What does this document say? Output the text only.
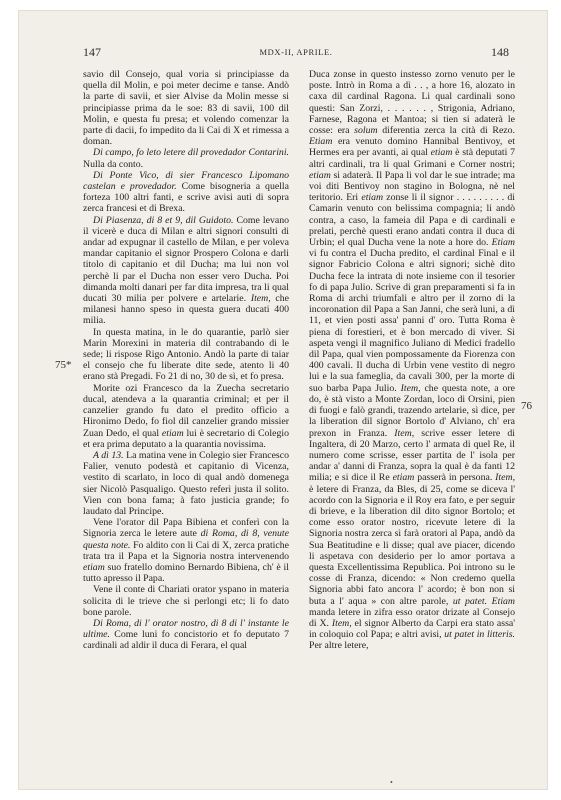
147	MDX-II, APRILE.	148

savio dil Consejo, qual voria si principiasse da quella dil Molin, e poi meter decime e tanse. Andò la parte di savii, et sier Alvise da Molin messe si principiasse prima da le soe: 83 di savii, 100 dil Molin, e questa fu presa; et volendo comenzar la parte di dacii, fo impedito da li Cai di X et rimessa a doman.

Di campo, fo leto letere dil provedador Contarini. Nulla da conto.

Di Ponte Vico, di sier Francesco Lipomano castelan e provedador. Come bisogneria a quella forteza 100 altri fanti, e scrive avisi auti di sopra zerca francesi et di Brexa.

Di Piasenza, di 8 et 9, dil Guidoto. Come levano il vicerè e duca di Milan e altri signori consulti di andar ad expugnar il castello de Milan, e per voleva mandar capitanio el signor Prospero Colona e darli titolo di capitanio et dil Ducha; ma lui non vol perchè li par el Ducha non esser vero Ducha. Poi dimanda molti danari per far dita impresa, tra li qual ducati 30 milia per polvere e artelarie. Item, che milanesi hanno speso in questa guera ducati 400 milia.

In questa matina, in le do quarantie, parlò sier Marin Morexini in materia dil contrabando di le sede; li rispose Rigo Antonio. Andò la parte di taiar el consejo che fu liberate dite sede, atento li 40 erano stà Pregadi. Fo 21 di no, 30 de sì, et fo presa.

Morite ozi Francesco da la Zuecha secretario ducal, atendeva a la quarantia criminal; et per il canzelier grando fu dato el predito officio a Hironimo Dedo, fo fiol dil canzelier grando missier Zuan Dedo, el qual etiam lui è secretario di Colegio et era prima deputato a la quarantia novissima.

A dì 13. La matina vene in Colegio sier Francesco Falier, venuto podestà et capitanio di Vicenza, vestito di scarlato, in loco di qual andò domenega sier Nicolò Pasqualigo. Questo referì justa il solito. Vien con bona fama; à fato justicia grande; fo laudato dal Principe.

Vene l'orator dil Papa Bibiena et conferì con la Signoria zerca le letere aute di Roma, di 8, venute questa note. Fo aldito con li Cai di X, zerca pratiche trata tra il Papa et la Signoria nostra intervenendo etiam suo fratello domino Bernardo Bibiena, ch' è il tutto apresso il Papa.

Vene il conte di Chariati orator yspano in materia solicita di le trieve che si perlongi etc; li fo dato bone parole.

Di Roma, di l' orator nostro, di 8 di l' instante le ultime. Come luni fo concistorio et fo deputato 7 cardinali ad aldir il duca di Ferara, el qual

Duca zonse in questo instesso zorno venuto per le poste. Intrò in Roma a dì . . , a hore 16, alozato in caxa dil cardinal Ragona. Li qual cardinali sono questi: San Zorzi, . . . . . . , Strigonia, Adriano, Farnese, Ragona et Mantoa; si tien si adaterà le cosse: era solum diferentia zerca la cità di Rezo. Etiam era venuto domino Hannibal Bentivoy, et Hermes era per avanti, ai qual etiam è stà deputati 7 altri cardinali, tra li qual Grimani e Corner nostri; etiam si adaterà. Il Papa li vol dar le sue intrade; ma voi diti Bentivoy non stagino in Bologna, nè nel teritorio. Eri etiam zonse li il signor . . . . . . . . . di Camarin venuto con belissima compagnia; li andò contra, a caso, la fameia dil Papa e di cardinali e prelati, perchè questi erano andati contra il duca di Urbin; el qual Ducha vene la note a hore do. Etiam vi fu contra el Ducha predito, el cardinal Final e il signor Fabricio Colona e altri signori; sichè dito Ducha fece la intrata di note insieme con il tesorier fo di papa Julio. Scrive di gran preparamenti si fa in Roma di archi triumfali e altro per il zorno di la incoronation dil Papa a San Janni, che serà luni, a dì 11, et vien posti assa' panni d' oro. Tutta Roma è piena di forestieri, et è bon mercado di viver. Si aspeta vengi il magnifico Juliano di Medici fradello dil Papa, qual vien pompossamente da Fiorenza con 400 cavali. Il ducha di Urbin vene vestito di negro lui e la sua fameglia, da cavali 300, per la morte di suo barba Papa Julio. Item, che questa note, a ore do, è stà visto a Monte Zordan, loco di Orsini, pien di fuogi e falò grandi, trazendo artelarie, sì dice, per la liberation dil signor Bortolo d' Alviano, ch' era prexon in Franza. Item, scrive esser letere di Ingaltera, di 20 Marzo, certo l' armata di quel Re, il numero come scrisse, esser partita de l' isola per andar a' danni di Franza, sopra la qual è da fanti 12 milia; e si dice il Re etiam passerà in persona. Item, è letere di Franza, da Bles, di 25, come se diceva l' acordo con la Signoria e il Roy era fato, e per seguir di brieve, e la liberation dil dito signor Bortolo; et come esso orator nostro, ricevute letere di la Signoria nostra zerca sì farà oratori al Papa, andò da Sua Beatitudine e li disse; qual ave piacer, dicendo li aspetava con desiderio per lo amor portava a questa Excellentissima Republica. Poi introno su le cosse di Franza, dicendo: « Non credemo quella Signoria abbi fato ancora l' acordo; è bon non si buta a l' aqua » con altre parole, ut patet. Etiam manda letere in zifra esso orator drizate al Consejo di X. Item, el signor Alberto da Carpi era stato assa' in coloquio col Papa; e altri avisi, ut patet in litteris. Per altre letere,

75*
76
•
